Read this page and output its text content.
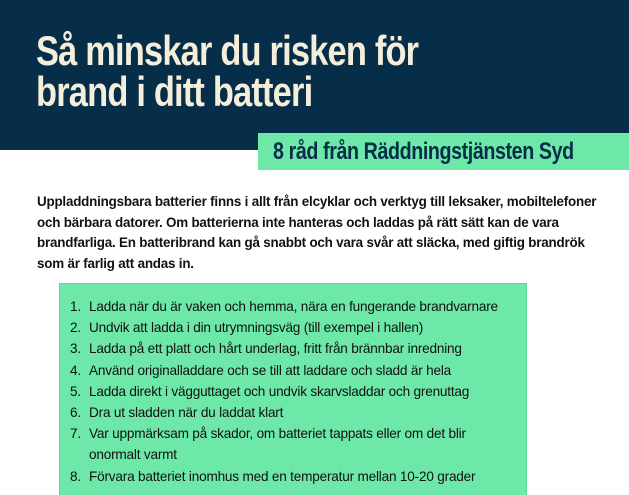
Så minskar du risken för
brand i ditt batteri
8 råd från Räddningstjänsten Syd

Uppladdningsbara batterier finns i allt från elcyklar och verktyg till leksaker, mobiltelefoner och bärbara datorer. Om batterierna inte hanteras och laddas på rätt sätt kan de vara brandfarliga. En batteribrand kan gå snabbt och vara svår att släcka, med giftig brandrök som är farlig att andas in.

1. Ladda när du är vaken och hemma, nära en fungerande brandvarnare
2. Undvik att ladda i din utrymningsväg (till exempel i hallen)
3. Ladda på ett platt och hårt underlag, fritt från brännbar inredning
4. Använd originalladdare och se till att laddare och sladd är hela
5. Ladda direkt i vägguttaget och undvik skarvsladdar och grenuttag
6. Dra ut sladden när du laddat klart
7. Var uppmärksam på skador, om batteriet tappats eller om det blir onormalt varmt
8. Förvara batteriet inomhus med en temperatur mellan 10-20 grader
